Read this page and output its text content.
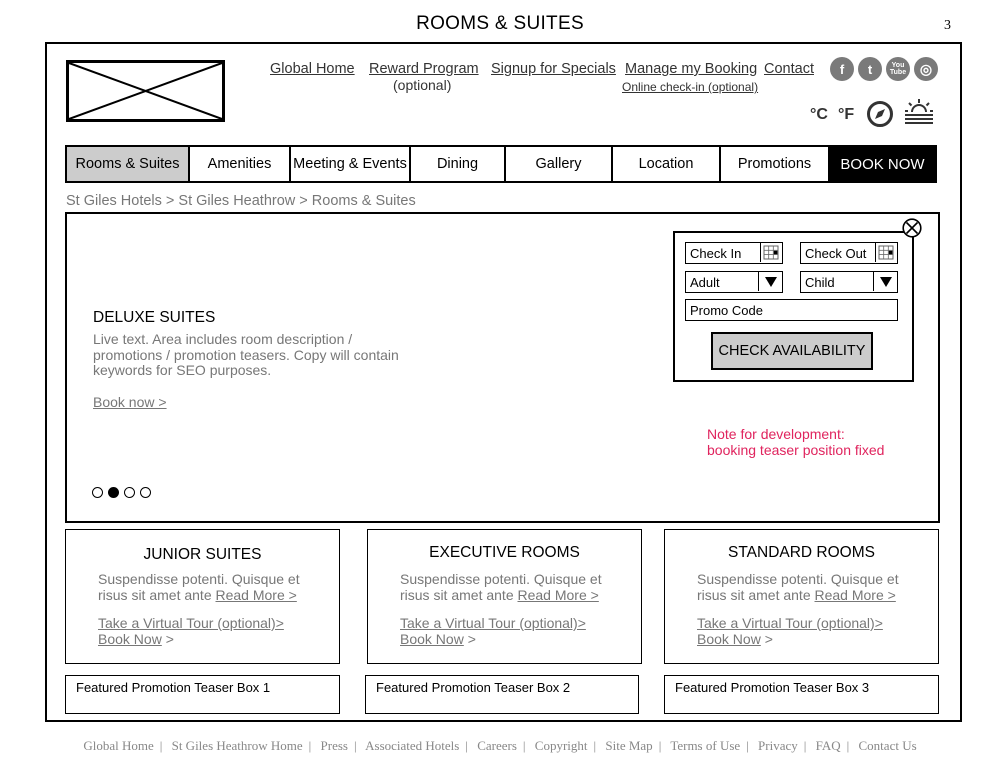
ROOMS & SUITES	3
Global Home Reward Program
(optional)
Signup for Specials Manage my Booking
Online check-in (optional)
Contact	f	t	You Tube ◎
°C °F
Rooms & Suites	Amenities	Meeting & Events	Dining	Gallery	Location	Promotions	BOOK NOW
St Giles Hotels > St Giles Heathrow > Rooms & Suites
DELUXE SUITES
Live text. Area includes room description / promotions / promotion teasers. Copy will contain keywords for SEO purposes.
Book now >
Check In	Check Out
Adult	Child
Promo Code
CHECK AVAILABILITY
Note for development:
booking teaser position fixed
JUNIOR SUITES
Suspendisse potenti. Quisque et risus sit amet ante Read More >
Take a Virtual Tour (optional)>
Book Now >
EXECUTIVE ROOMS
Suspendisse potenti. Quisque et risus sit amet ante Read More >
Take a Virtual Tour (optional)>
Book Now >
STANDARD ROOMS
Suspendisse potenti. Quisque et risus sit amet ante Read More >
Take a Virtual Tour (optional)>
Book Now >
Featured Promotion Teaser Box 1	Featured Promotion Teaser Box 2	Featured Promotion Teaser Box 3
Global Home | St Giles Heathrow Home | Press | Associated Hotels | Careers | Copyright | Site Map | Terms of Use | Privacy | FAQ | Contact Us
